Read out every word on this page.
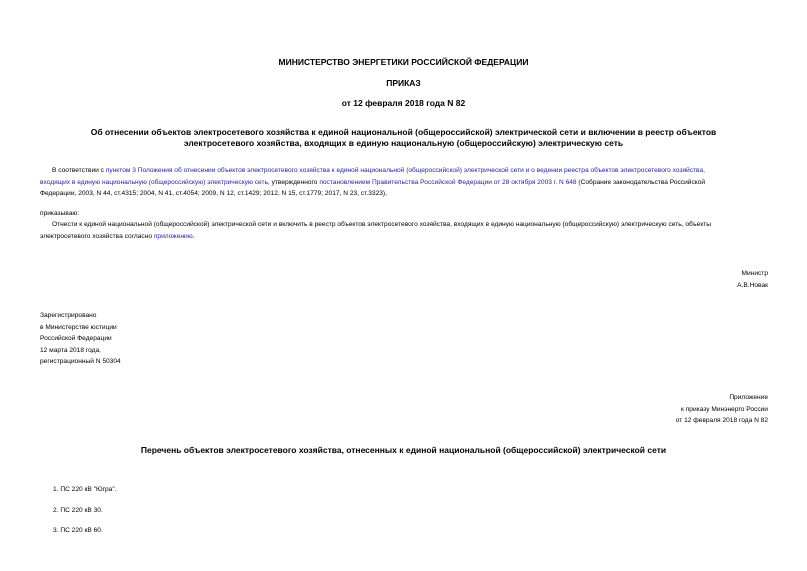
МИНИСТЕРСТВО ЭНЕРГЕТИКИ РОССИЙСКОЙ ФЕДЕРАЦИИ
ПРИКАЗ
от 12 февраля 2018 года N 82
Об отнесении объектов электросетевого хозяйства к единой национальной (общероссийской) электрической сети и включении в реестр объектов
электросетевого хозяйства, входящих в единую национальную (общероссийскую) электрическую сеть
В соответствии с пунктом 3 Положения об отнесении объектов электросетевого хозяйства к единой национальной (общероссийской) электрической сети и о ведении реестра объектов электросетевого хозяйства,
входящих в единую национальную (общероссийскую) электрическую сеть, утвержденного постановлением Правительства Российской Федерации от 28 октября 2003 г. N 648 (Собрание законодательства Российской
Федерации, 2003, N 44, ст.4315; 2004, N 41, ст.4054; 2009, N 12, ст.1429; 2012, N 15, ст.1779; 2017, N 23, ст.3323),
приказываю:
Отнести к единой национальной (общероссийской) электрической сети и включить в реестр объектов электросетевого хозяйства, входящих в единую национальную (общероссийскую) электрическую сеть, объекты
электросетевого хозяйства согласно приложению.
Министр
А.В.Новак
Зарегистрировано
в Министерстве юстиции
Российской Федерации
12 марта 2018 года,
регистрационный N 50304
Приложение
к приказу Минэнерго России
от 12 февраля 2018 года N 82
Перечень объектов электросетевого хозяйства, отнесенных к единой национальной (общероссийской) электрической сети
1. ПС 220 кВ "Югра".
2. ПС 220 кВ 30.
3. ПС 220 кВ 60.
